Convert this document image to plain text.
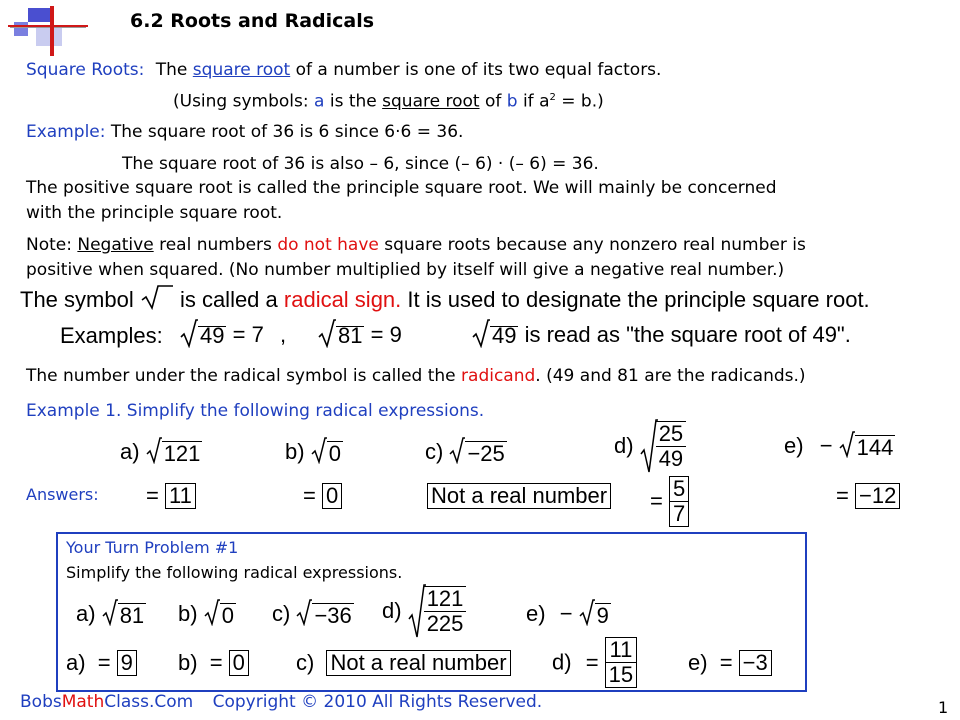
6.2 Roots and Radicals
Square Roots: The square root of a number is one of its two equal factors.
(Using symbols: a is the square root of b if $a^2 = b$.)
Example: The square root of 36 is 6 since 6·6 = 36.
The square root of 36 is also – 6, since (– 6) · (– 6) = 36.
The positive square root is called the principle square root. We will mainly be concerned
with the principle square root.
Note: Negative real numbers do not have square roots because any nonzero real number is
positive when squared. (No number multiplied by itself will give a negative real number.)
The symbol  is called a radical sign. It is used to designate the principle square root.
Examples:	49 = 7 ,	81 = 9	49 is read as "the square root of 49".
The number under the radical symbol is called the radicand. (49 and 81 are the radicands.)
Example 1. Simplify the following radical expressions.
a) 121	b) 0	c) −25	$d) \frac{25}{49}$	e) − 144
Answers: = 11	= 0	Not a real number = $\frac{5}{7}$	= −12
Your Turn Problem #1
Simplify the following radical expressions.
a) 81 b) 0 c) −36 $d) \frac{121}{225}$	e) − 9
a) = 9 b) = 0 c) Not a real number $d) = \frac{11}{15} e) = -3$
BobsMathClass.Com Copyright © 2010 All Rights Reserved.	1
